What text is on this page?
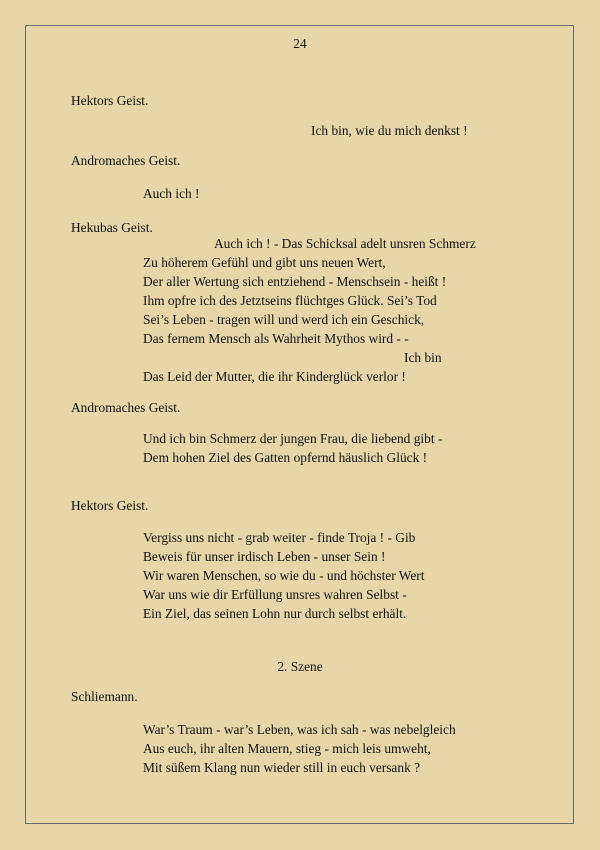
24
Hektors Geist.
Ich bin, wie du mich denkst !
Andromaches Geist.
Auch ich !
Hekubas Geist.
Auch ich ! - Das Schicksal adelt unsren Schmerz
Zu höherem Gefühl und gibt uns neuen Wert,
Der aller Wertung sich entziehend - Menschsein - heißt !
Ihm opfre ich des Jetztseins flüchtges Glück. Sei’s Tod
Sei’s Leben - tragen will und werd ich ein Geschick,
Das fernem Mensch als Wahrheit Mythos wird - -
Ich bin
Das Leid der Mutter, die ihr Kinderglück verlor !
Andromaches Geist.
Und ich bin Schmerz der jungen Frau, die liebend gibt -
Dem hohen Ziel des Gatten opfernd häuslich Glück !
Hektors Geist.
Vergiss uns nicht - grab weiter - finde Troja ! - Gib
Beweis für unser irdisch Leben - unser Sein !
Wir waren Menschen, so wie du - und höchster Wert
War uns wie dir Erfüllung unsres wahren Selbst -
Ein Ziel, das seinen Lohn nur durch selbst erhält.
2. Szene
Schliemann.
War’s Traum - war’s Leben, was ich sah - was nebelgleich
Aus euch, ihr alten Mauern, stieg - mich leis umweht,
Mit süßem Klang nun wieder still in euch versank ?
